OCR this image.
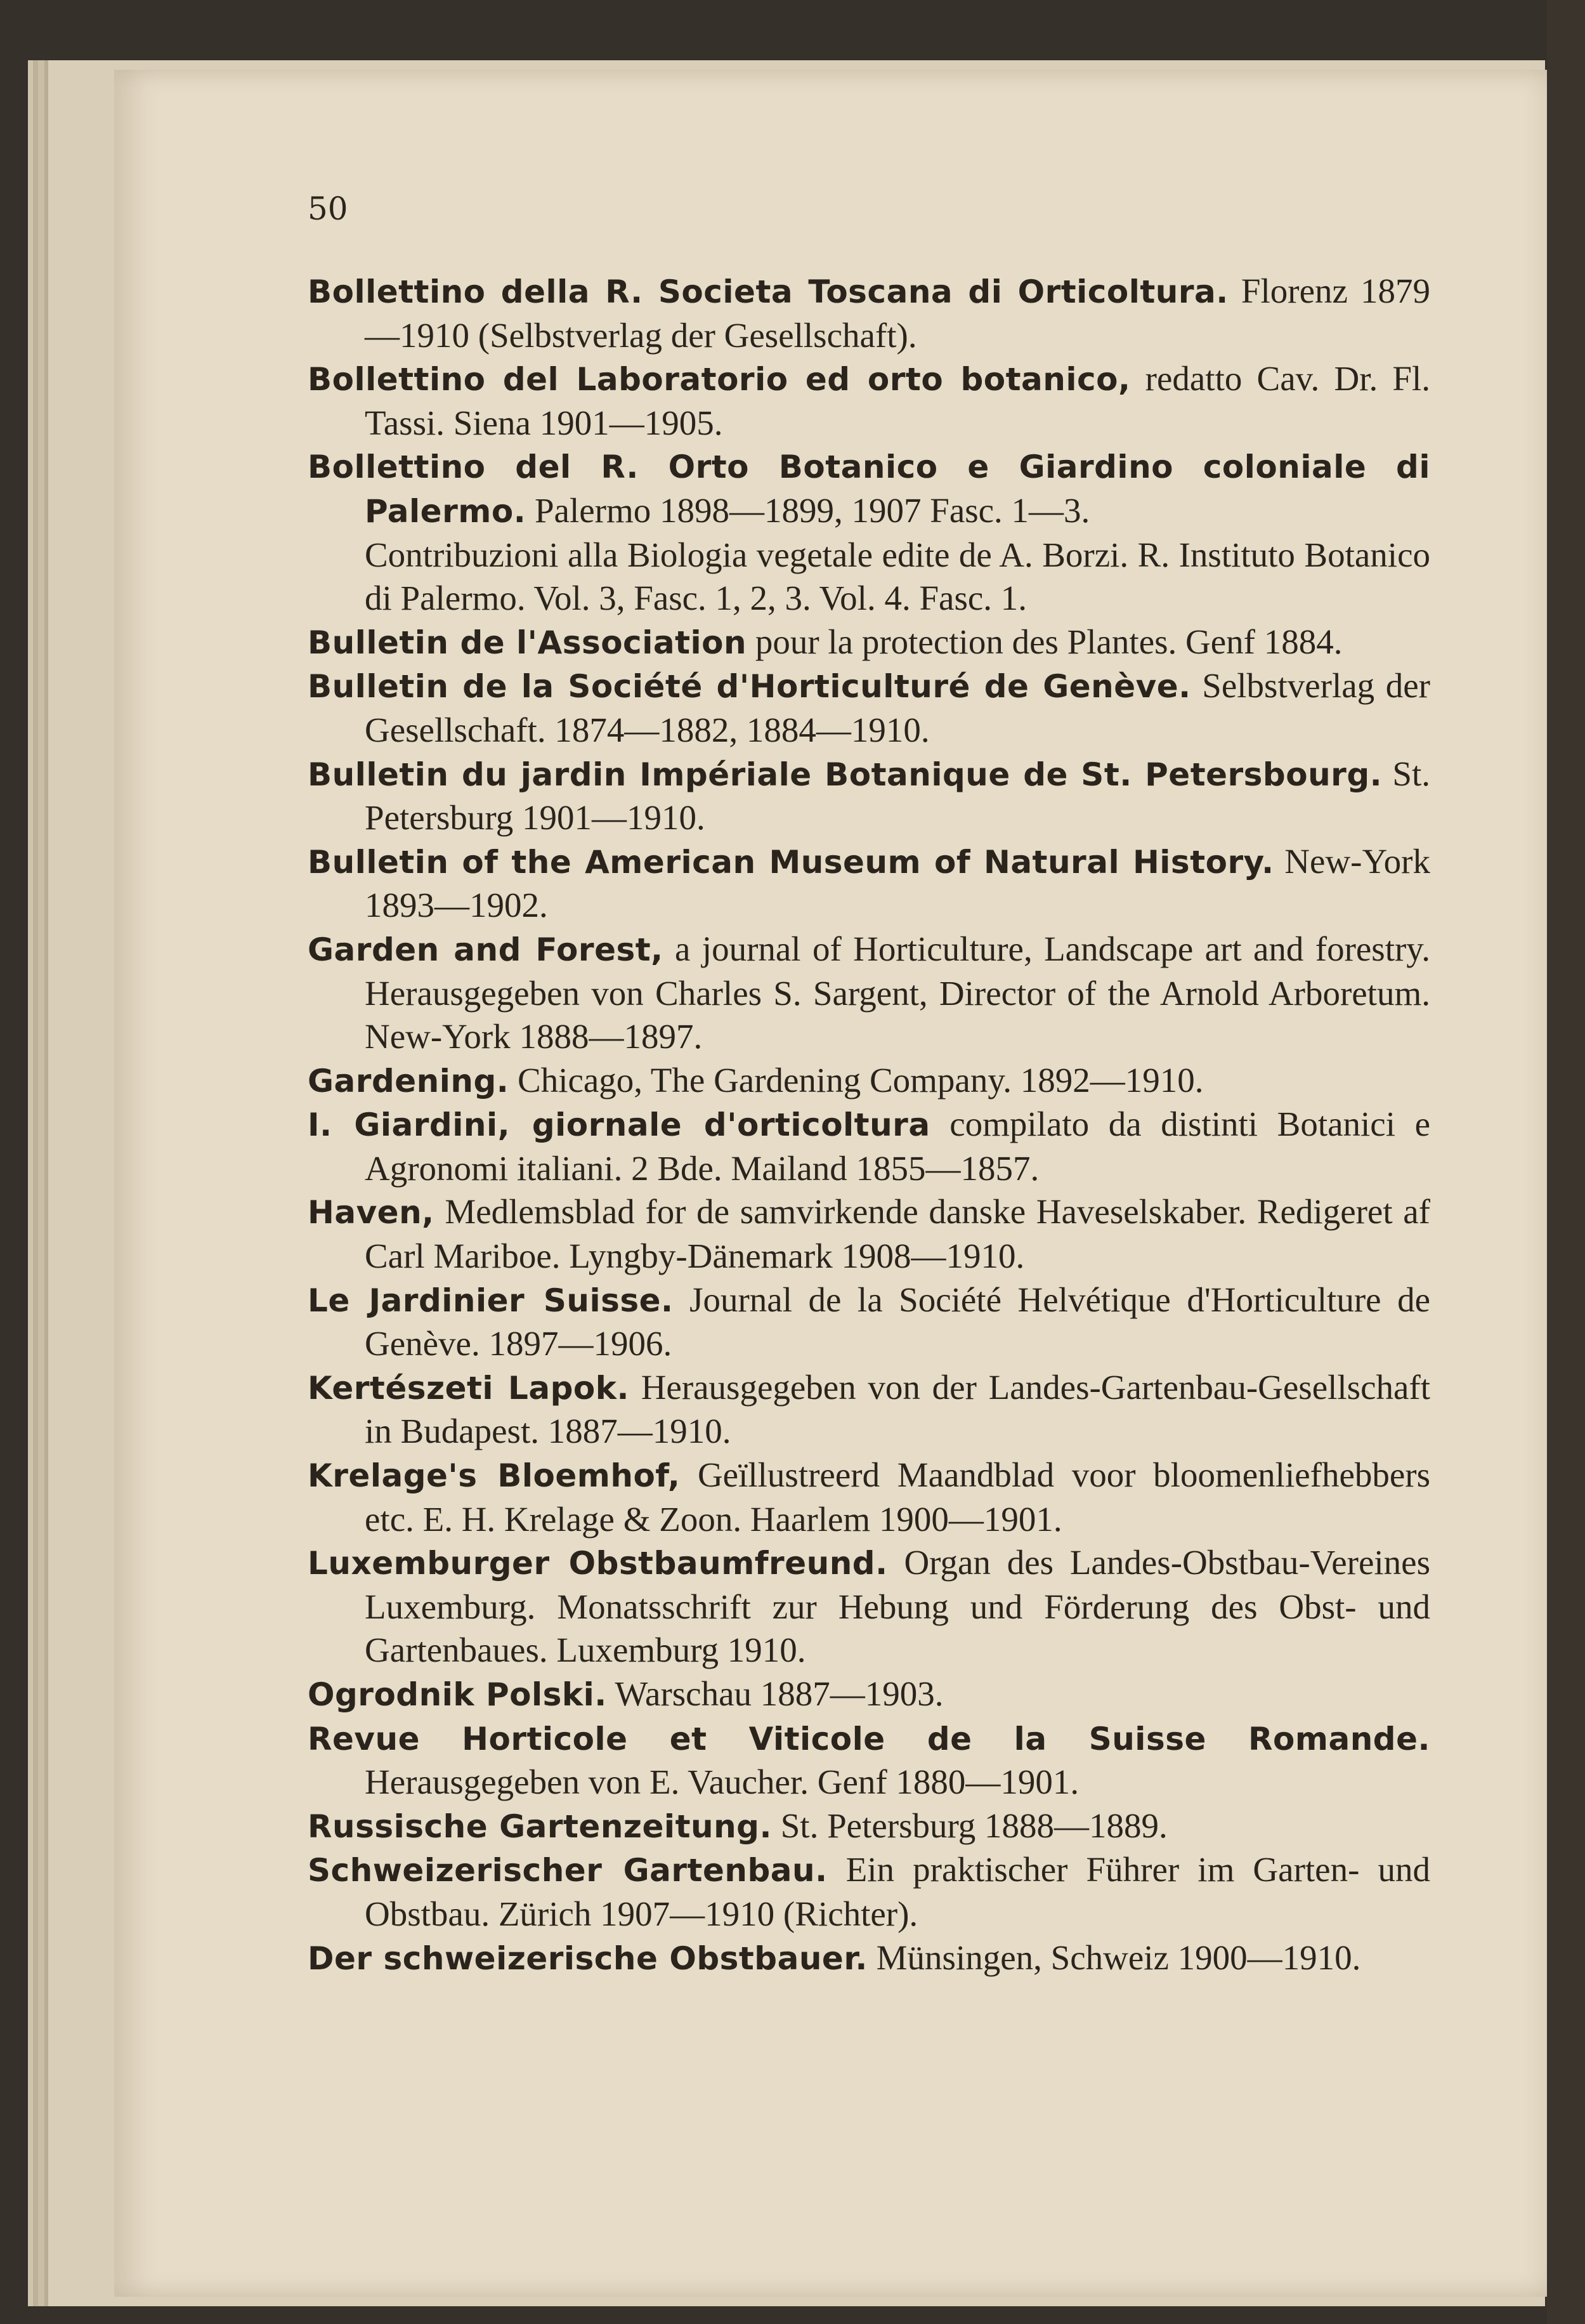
50

Bollettino della R. Societa Toscana di Orticoltura. Florenz 1879—1910 (Selbstverlag der Gesellschaft).

Bollettino del Laboratorio ed orto botanico, redatto Cav. Dr. Fl. Tassi. Siena 1901—1905.

Bollettino del R. Orto Botanico e Giardino coloniale di Palermo. Palermo 1898—1899, 1907 Fasc. 1—3.

Contribuzioni alla Biologia vegetale edite de A. Borzi. R. Instituto Botanico di Palermo. Vol. 3, Fasc. 1, 2, 3. Vol. 4. Fasc. 1.

Bulletin de l'Association pour la protection des Plantes. Genf 1884.

Bulletin de la Société d'Horticulturé de Genève. Selbstverlag der Gesellschaft. 1874—1882, 1884—1910.

Bulletin du jardin Impériale Botanique de St. Petersbourg. St. Petersburg 1901—1910.

Bulletin of the American Museum of Natural History. New-York 1893—1902.

Garden and Forest, a journal of Horticulture, Landscape art and forestry. Herausgegeben von Charles S. Sargent, Director of the Arnold Arboretum. New-York 1888—1897.

Gardening. Chicago, The Gardening Company. 1892—1910.

I. Giardini, giornale d'orticoltura compilato da distinti Botanici e Agronomi italiani. 2 Bde. Mailand 1855—1857.

Haven, Medlemsblad for de samvirkende danske Haveselskaber. Redigeret af Carl Mariboe. Lyngby-Dänemark 1908—1910.

Le Jardinier Suisse. Journal de la Société Helvétique d'Horticulture de Genève. 1897—1906.

Kertészeti Lapok. Herausgegeben von der Landes-Gartenbau-Gesellschaft in Budapest. 1887—1910.

Krelage's Bloemhof, Geïllustreerd Maandblad voor bloomenliefhebbers etc. E. H. Krelage & Zoon. Haarlem 1900—1901.

Luxemburger Obstbaumfreund. Organ des Landes-Obstbau-Vereines Luxemburg. Monatsschrift zur Hebung und Förderung des Obst- und Gartenbaues. Luxemburg 1910.

Ogrodnik Polski. Warschau 1887—1903.

Revue Horticole et Viticole de la Suisse Romande. Herausgegeben von E. Vaucher. Genf 1880—1901.

Russische Gartenzeitung. St. Petersburg 1888—1889.

Schweizerischer Gartenbau. Ein praktischer Führer im Garten- und Obstbau. Zürich 1907—1910 (Richter).

Der schweizerische Obstbauer. Münsingen, Schweiz 1900—1910.
